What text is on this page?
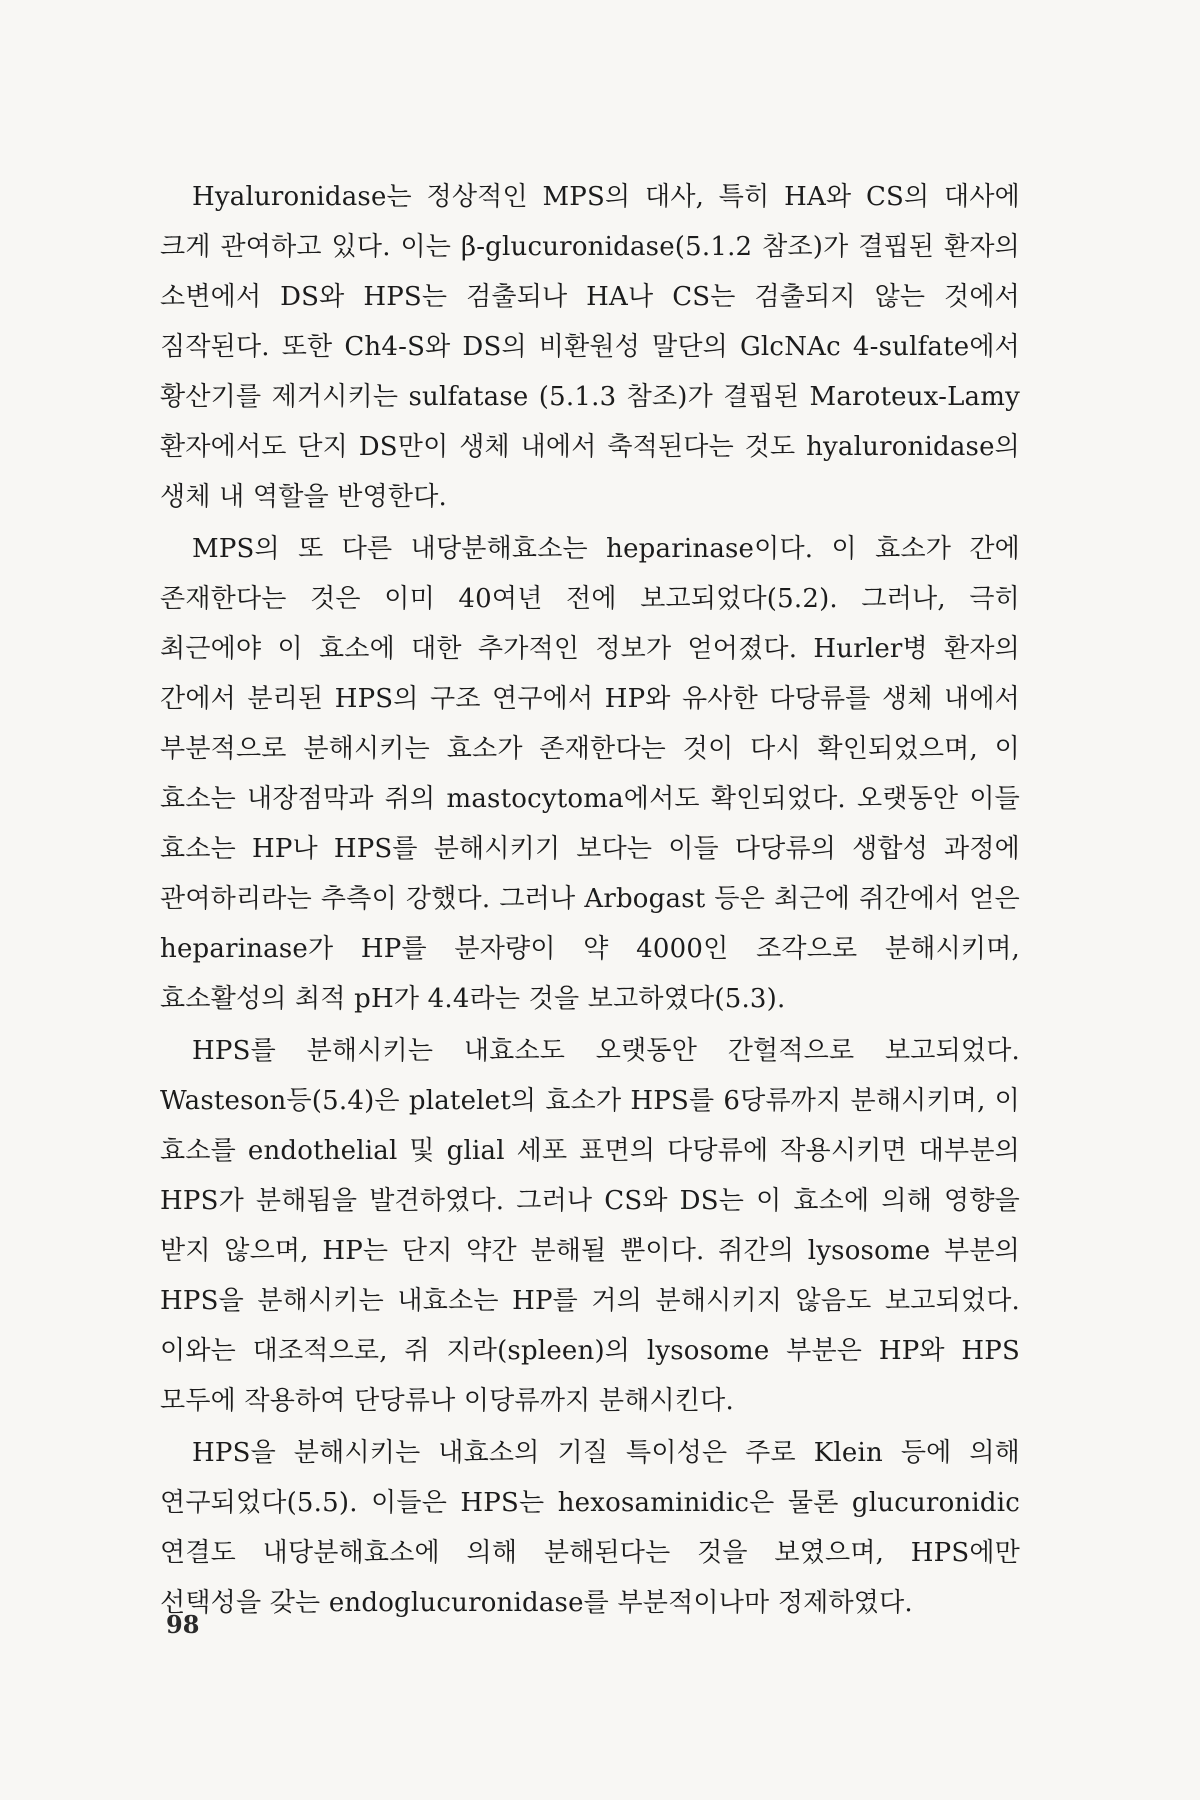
Hyaluronidase는 정상적인 MPS의 대사, 특히 HA와 CS의 대사에 크게 관여하고 있다. 이는 β-glucuronidase(5.1.2 참조)가 결핍된 환자의 소변에서 DS와 HPS는 검출되나 HA나 CS는 검출되지 않는 것에서 짐작된다. 또한 Ch4-S와 DS의 비환원성 말단의 GlcNAc 4-sulfate에서 황산기를 제거시키는 sulfatase (5.1.3 참조)가 결핍된 Maroteux-Lamy 환자에서도 단지 DS만이 생체 내에서 축적된다는 것도 hyaluronidase의 생체 내 역할을 반영한다.

MPS의 또 다른 내당분해효소는 heparinase이다. 이 효소가 간에 존재한다는 것은 이미 40여년 전에 보고되었다(5.2). 그러나, 극히 최근에야 이 효소에 대한 추가적인 정보가 얻어졌다. Hurler병 환자의 간에서 분리된 HPS의 구조 연구에서 HP와 유사한 다당류를 생체 내에서 부분적으로 분해시키는 효소가 존재한다는 것이 다시 확인되었으며, 이 효소는 내장점막과 쥐의 mastocytoma에서도 확인되었다. 오랫동안 이들 효소는 HP나 HPS를 분해시키기 보다는 이들 다당류의 생합성 과정에 관여하리라는 추측이 강했다. 그러나 Arbogast 등은 최근에 쥐간에서 얻은 heparinase가 HP를 분자량이 약 4000인 조각으로 분해시키며, 효소활성의 최적 pH가 4.4라는 것을 보고하였다(5.3).

HPS를 분해시키는 내효소도 오랫동안 간헐적으로 보고되었다. Wasteson등(5.4)은 platelet의 효소가 HPS를 6당류까지 분해시키며, 이 효소를 endothelial 및 glial 세포 표면의 다당류에 작용시키면 대부분의 HPS가 분해됨을 발견하였다. 그러나 CS와 DS는 이 효소에 의해 영향을 받지 않으며, HP는 단지 약간 분해될 뿐이다. 쥐간의 lysosome 부분의 HPS을 분해시키는 내효소는 HP를 거의 분해시키지 않음도 보고되었다. 이와는 대조적으로, 쥐 지라(spleen)의 lysosome 부분은 HP와 HPS 모두에 작용하여 단당류나 이당류까지 분해시킨다.

HPS을 분해시키는 내효소의 기질 특이성은 주로 Klein 등에 의해 연구되었다(5.5). 이들은 HPS는 hexosaminidic은 물론 glucuronidic 연결도 내당분해효소에 의해 분해된다는 것을 보였으며, HPS에만 선택성을 갖는 endoglucuronidase를 부분적이나마 정제하였다.

98
